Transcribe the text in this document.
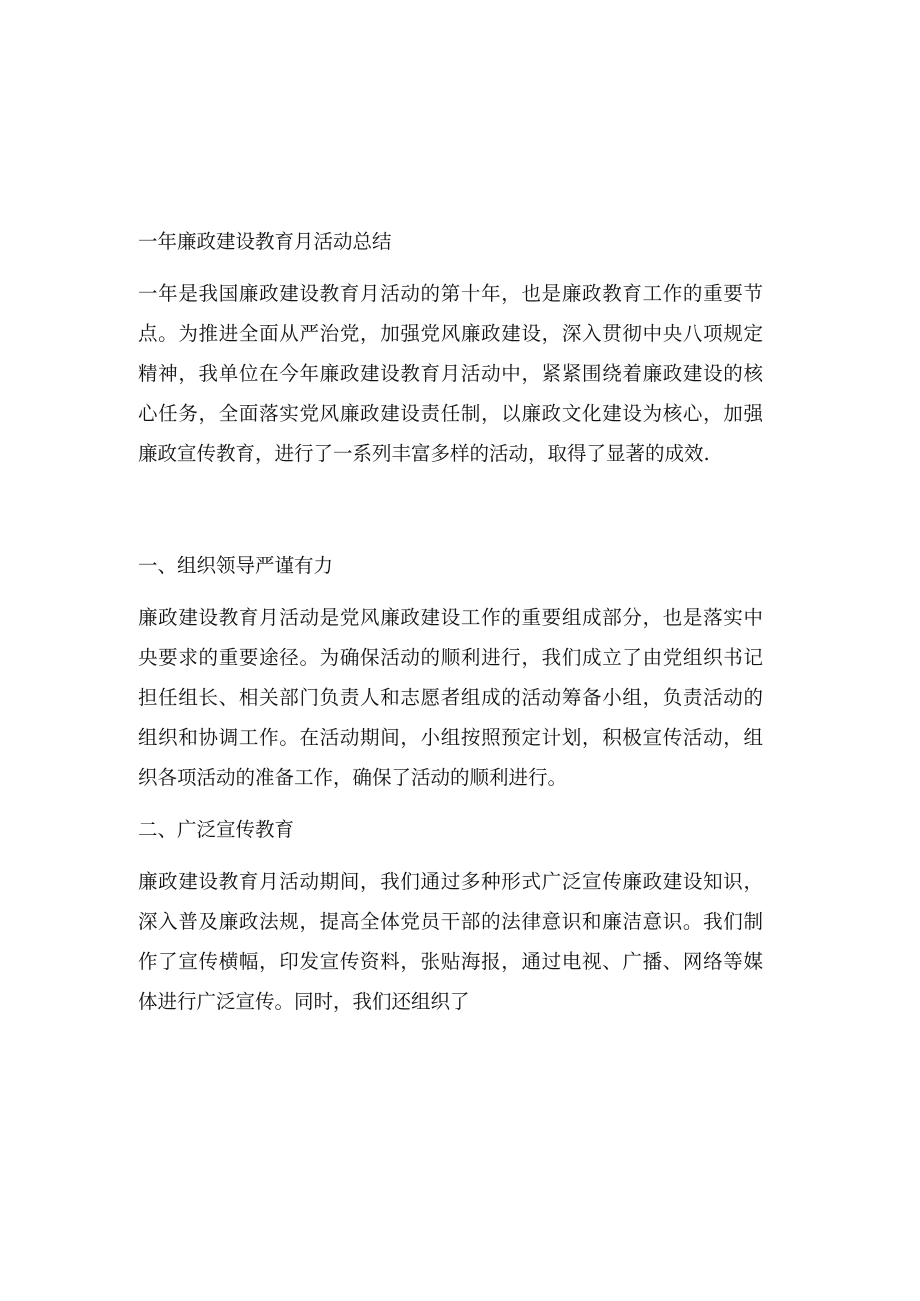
一年廉政建设教育月活动总结
一年是我国廉政建设教育月活动的第十年，也是廉政教育工作的重要节
点。为推进全面从严治党，加强党风廉政建设，深入贯彻中央八项规定
精神，我单位在今年廉政建设教育月活动中，紧紧围绕着廉政建设的核
心任务，全面落实党风廉政建设责任制，以廉政文化建设为核心，加强
廉政宣传教育，进行了一系列丰富多样的活动，取得了显著的成效.
一、组织领导严谨有力
廉政建设教育月活动是党风廉政建设工作的重要组成部分，也是落实中
央要求的重要途径。为确保活动的顺利进行，我们成立了由党组织书记
担任组长、相关部门负责人和志愿者组成的活动筹备小组，负责活动的
组织和协调工作。在活动期间，小组按照预定计划，积极宣传活动，组
织各项活动的准备工作，确保了活动的顺利进行。
二、广泛宣传教育
廉政建设教育月活动期间，我们通过多种形式广泛宣传廉政建设知识，
深入普及廉政法规，提高全体党员干部的法律意识和廉洁意识。我们制
作了宣传横幅，印发宣传资料，张贴海报，通过电视、广播、网络等媒
体进行广泛宣传。同时，我们还组织了
